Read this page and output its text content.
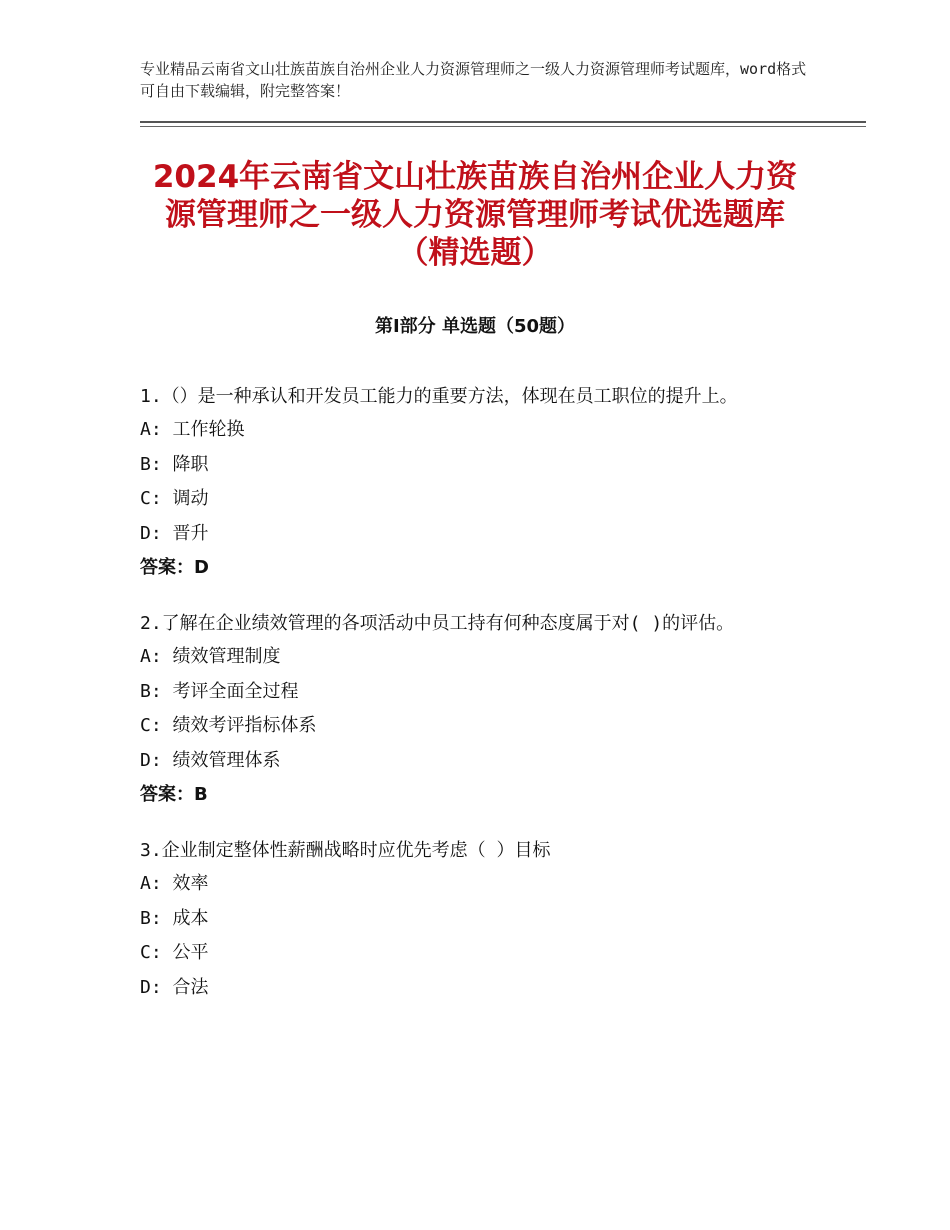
专业精品云南省文山壮族苗族自治州企业人力资源管理师之一级人力资源管理师考试题库，word格式可自由下载编辑，附完整答案！
2024年云南省文山壮族苗族自治州企业人力资源管理师之一级人力资源管理师考试优选题库（精选题）
第Ⅰ部分 单选题（50题）

1.（）是一种承认和开发员工能力的重要方法，体现在员工职位的提升上。

A: 工作轮换

B: 降职

C: 调动

D: 晋升

答案：D

2.了解在企业绩效管理的各项活动中员工持有何种态度属于对( )的评估。

A: 绩效管理制度

B: 考评全面全过程

C: 绩效考评指标体系

D: 绩效管理体系

答案：B

3.企业制定整体性薪酬战略时应优先考虑（ ）目标

A: 效率

B: 成本

C: 公平

D: 合法
